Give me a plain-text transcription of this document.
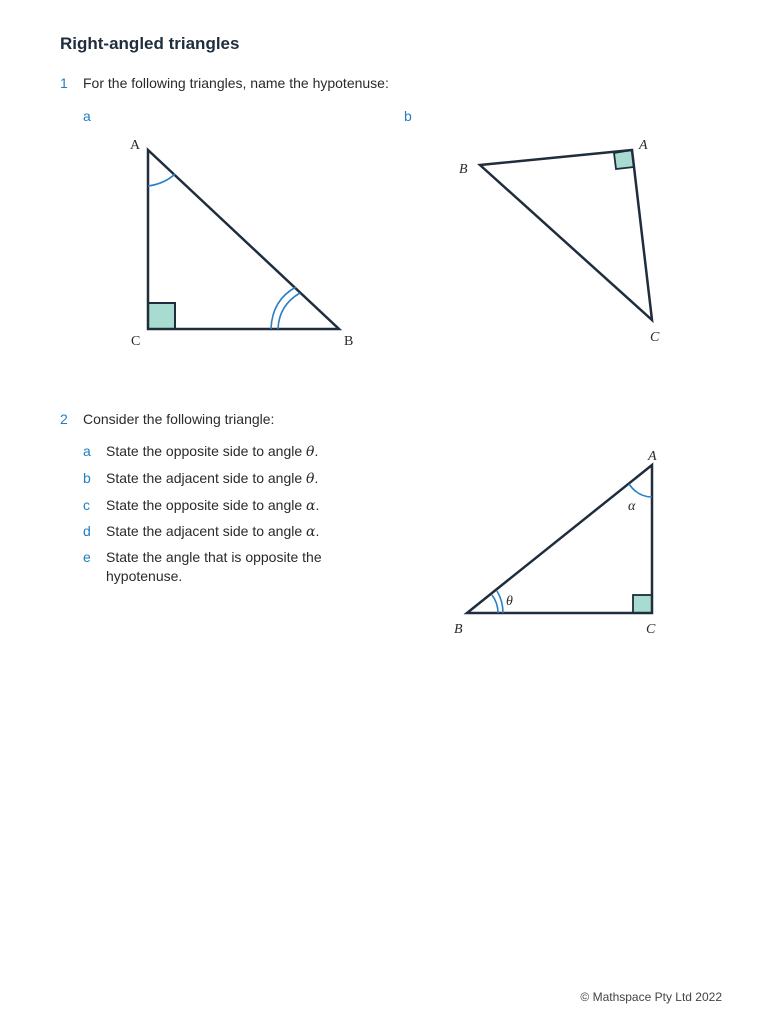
Right-angled triangles
1 For the following triangles, name the hypotenuse:
a	b
A
C	B
B
A
C
2 Consider the following triangle:
a State the opposite side to angle θ.
b State the adjacent side to angle θ.
c State the opposite side to angle α.
d State the adjacent side to angle α.
e State the angle that is opposite the
hypotenuse.
α
θ
A
B	C
© Mathspace Pty Ltd 2022
